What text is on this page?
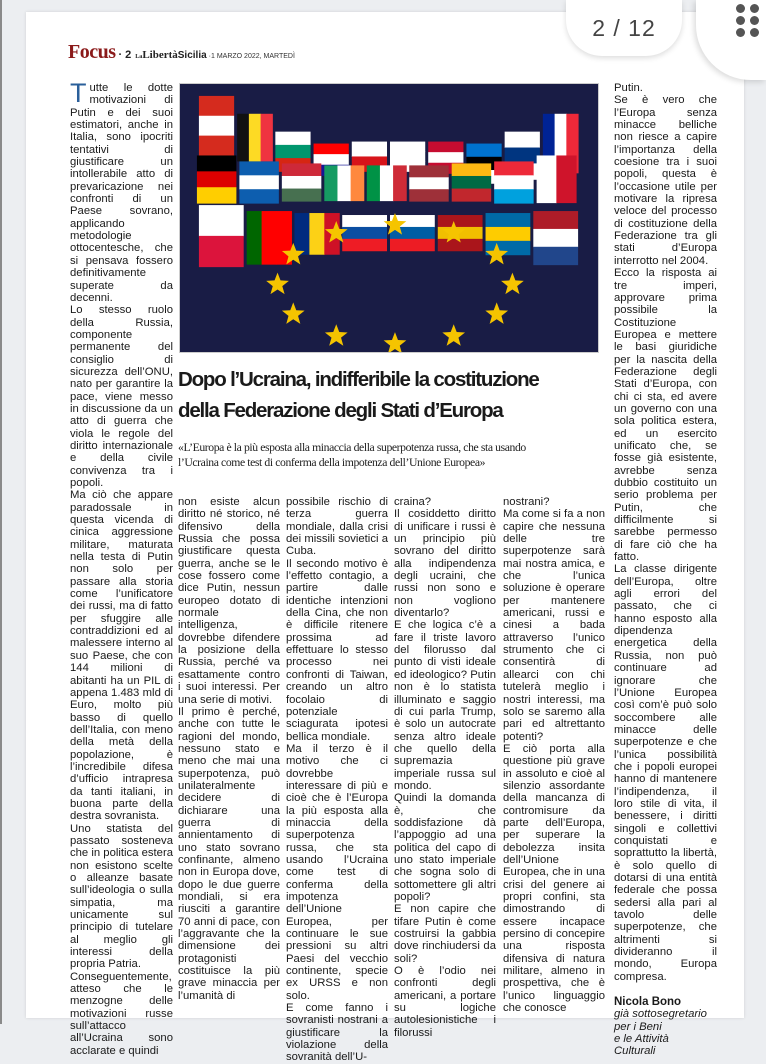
2 / 12
Focus · 2 LaLibertàSicilia ·1 MARZO 2022, MARTEDÌ

Tutte le dotte motivazioni di Putin e dei suoi estimatori, anche in Italia, sono ipocriti tentativi di giustificare un intollerabile atto di prevaricazione nei confronti di un Paese sovrano, applicando metodologie ottocentesche, che si pensava fossero definitivamente superate da decenni.

Lo stesso ruolo della Russia, componente permanente del consiglio di sicurezza dell’ONU, nato per garantire la pace, viene messo in discussione da un atto di guerra che viola le regole del diritto internazionale e della civile convivenza tra i popoli.

Ma ciò che appare paradossale in questa vicenda di cinica aggressione militare, maturata nella testa di Putin non solo per passare alla storia come l’unificatore dei russi, ma di fatto per sfuggire alle contraddizioni ed al malessere interno al suo Paese, che con 144 milioni di abitanti ha un PIL di appena 1.483 mld di Euro, molto più basso di quello dell’Italia, con meno della metà della popolazione, è l’incredibile difesa d’ufficio intrapresa da tanti italiani, in buona parte della destra sovranista.

Uno statista del passato sosteneva che in politica estera non esistono scelte o alleanze basate sull’ideologia o sulla simpatia, ma unicamente sul principio di tutelare al meglio gli interessi della propria Patria.

Conseguentemente, atteso che le menzogne delle motivazioni russe sull’attacco all’Ucraina sono acclarate e quindi

Dopo l’Ucraina, indifferibile la costituzione
della Federazione degli Stati d’Europa
«L’Europa è la più esposta alla minaccia della superpotenza russa, che sta usando
l’Ucraina come test di conferma della impotenza dell’Unione Europea»

non esiste alcun diritto né storico, né difensivo della Russia che possa giustificare questa guerra, anche se le cose fossero come dice Putin, nessun europeo dotato di normale intelligenza, dovrebbe difendere la posizione della Russia, perché va esattamente contro i suoi interessi. Per una serie di motivi.

Il primo è perché, anche con tutte le ragioni del mondo, nessuno stato e meno che mai una superpotenza, può unilateralmente decidere di dichiarare una guerra di annientamento di uno stato sovrano confinante, almeno non in Europa dove, dopo le due guerre mondiali, si era riusciti a garantire 70 anni di pace, con l’aggravante che la dimensione dei protagonisti costituisce la più grave minaccia per l’umanità di

possibile rischio di terza guerra mondiale, dalla crisi dei missili sovietici a Cuba.

Il secondo motivo è l’effetto contagio, a partire dalle identiche intenzioni della Cina, che non è difficile ritenere prossima ad effettuare lo stesso processo nei confronti di Taiwan, creando un altro focolaio di potenziale sciagurata ipotesi bellica mondiale.

Ma il terzo è il motivo che ci dovrebbe interessare di più e cioè che è l’Europa la più esposta alla minaccia della superpotenza russa, che sta usando l’Ucraina come test di conferma della impotenza dell’Unione Europea, per continuare le sue pressioni su altri Paesi del vecchio continente, specie ex URSS e non solo.

E come fanno i sovranisti nostrani a giustificare la violazione della sovranità dell’U-

craina?

Il cosiddetto diritto di unificare i russi è un principio più sovrano del diritto alla indipendenza degli ucraini, che russi non sono e non vogliono diventarlo?

E che logica c’è a fare il triste lavoro del filorusso dal punto di visti ideale ed ideologico? Putin non è lo statista illuminato e saggio di cui parla Trump, è solo un autocrate senza altro ideale che quello della supremazia imperiale russa sul mondo.

Quindi la domanda è, che soddisfazione dà l’appoggio ad una politica del capo di uno stato imperiale che sogna solo di sottomettere gli altri popoli?

E non capire che tifare Putin è come costruirsi la gabbia dove rinchiudersi da soli?

O è l’odio nei confronti degli americani, a portare su logiche autolesionistiche i filorussi

nostrani?

Ma come si fa a non capire che nessuna delle tre superpotenze sarà mai nostra amica, e che l’unica soluzione è operare per mantenere americani, russi e cinesi a bada attraverso l’unico strumento che ci consentirà di allearci con chi tutelerà meglio i nostri interessi, ma solo se saremo alla pari ed altrettanto potenti?

E ciò porta alla questione più grave in assoluto e cioè al silenzio assordante della mancanza di contromisure da parte dell’Europa, per superare la debolezza insita dell’Unione Europea, che in una crisi del genere ai propri confini, sta dimostrando di essere incapace persino di concepire una risposta difensiva di natura militare, almeno in prospettiva, che è l’unico linguaggio che conosce

Putin.

Se è vero che l’Europa senza minacce belliche non riesce a capire l’importanza della coesione tra i suoi popoli, questa è l’occasione utile per motivare la ripresa veloce del processo di costituzione della Federazione tra gli stati d’Europa interrotto nel 2004.

Ecco la risposta ai tre imperi, approvare prima possibile la Costituzione Europea e mettere le basi giuridiche per la nascita della Federazione degli Stati d’Europa, con chi ci sta, ed avere un governo con una sola politica estera, ed un esercito unificato che, se fosse già esistente, avrebbe senza dubbio costituito un serio problema per Putin, che difficilmente si sarebbe permesso di fare ciò che ha fatto.

La classe dirigente dell’Europa, oltre agli errori del passato, che ci hanno esposto alla dipendenza energetica della Russia, non può continuare ad ignorare che l’Unione Europea così com’è può solo soccombere alle minacce delle superpotenze e che l’unica possibilità che i popoli europei hanno di mantenere l’indipendenza, il loro stile di vita, il benessere, i diritti singoli e collettivi conquistati e soprattutto la libertà, è solo quello di dotarsi di una entità federale che possa sedersi alla pari al tavolo delle superpotenze, che altrimenti si divideranno il mondo, Europa compresa.

Nicola Bono
già sottosegretario
per i Beni
e le Attività
Culturali
